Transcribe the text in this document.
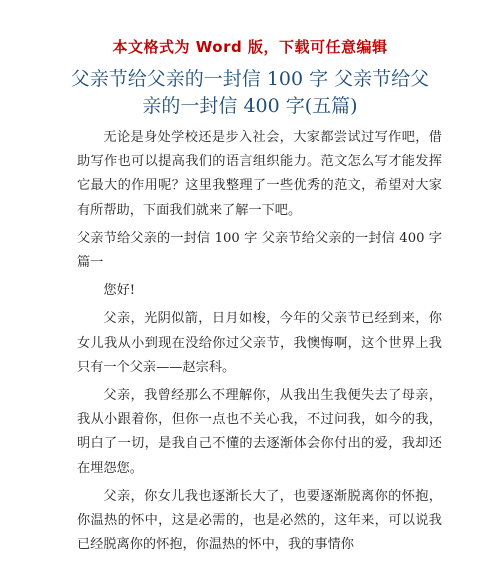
本文格式为 Word 版，下载可任意编辑
父亲节给父亲的一封信 100 字 父亲节给父亲的一封信 400 字(五篇)

无论是身处学校还是步入社会，大家都尝试过写作吧，借助写作也可以提高我们的语言组织能力。范文怎么写才能发挥它最大的作用呢？这里我整理了一些优秀的范文，希望对大家有所帮助，下面我们就来了解一下吧。

父亲节给父亲的一封信 100 字 父亲节给父亲的一封信 400 字篇一

您好!

父亲，光阴似箭，日月如梭，今年的父亲节已经到来，你女儿我从小到现在没给你过父亲节，我懊悔啊，这个世界上我只有一个父亲——赵宗科。

父亲，我曾经那么不理解你，从我出生我便失去了母亲，我从小跟着你，但你一点也不关心我，不过问我，如今的我，明白了一切，是我自己不懂的去逐渐体会你付出的爱，我却还在埋怨您。

父亲，你女儿我也逐渐长大了，也要逐渐脱离你的怀抱，你温热的怀中，这是必需的，也是必然的，这年来，可以说我已经脱离你的怀抱，你温热的怀中，我的事情你
